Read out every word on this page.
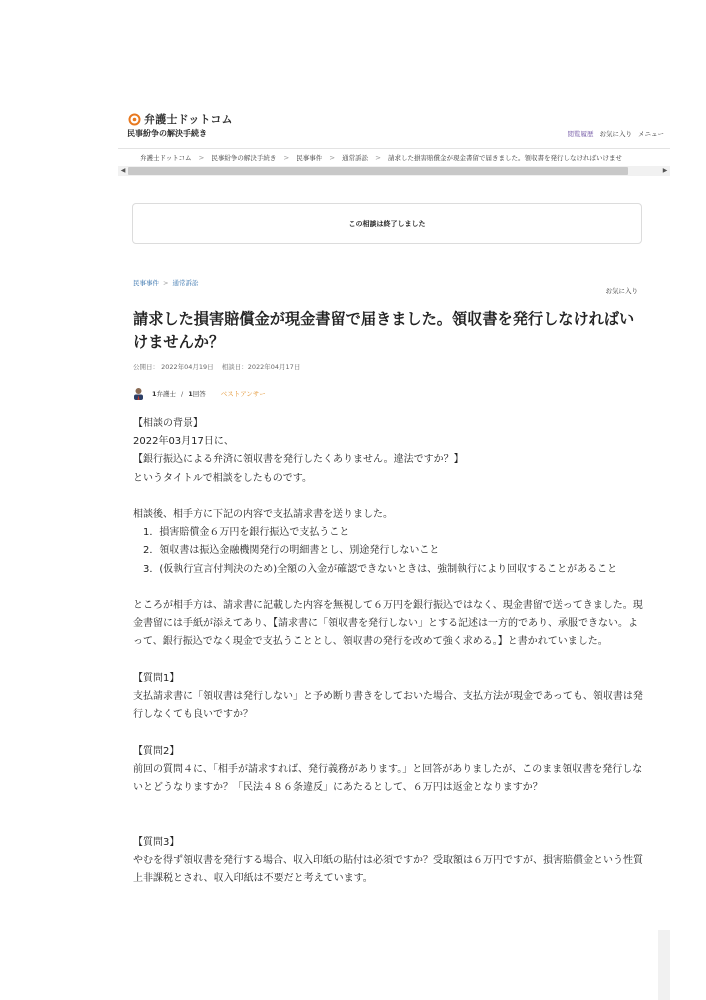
弁護士ドットコム
民事紛争の解決手続き	閲覧履歴 お気に入り メニュー
弁護士ドットコム > 民事紛争の解決手続き > 民事事件 > 通常訴訟 > 請求した損害賠償金が現金書留で届きました。領収書を発行しなければいけませ
◀	▶
この相談は終了しました
民事事件 > 通常訴訟
お気に入り
請求した損害賠償金が現金書留で届きました。領収書を発行しなければいけませんか？
公開日： 2022年04月19日 相談日：2022年04月17日
1 弁護士 / 1 回答 ベストアンサー

【相談の背景】

2022年03月17日に、

【銀行振込による弁済に領収書を発行したくありません。違法ですか？】

というタイトルで相談をしたものです。

相談後、相手方に下記の内容で支払請求書を送りました。

　1．損害賠償金６万円を銀行振込で支払うこと

　2．領収書は振込金融機関発行の明細書とし、別途発行しないこと

　3．(仮執行宣言付判決のため)全額の入金が確認できないときは、強制執行により回収することがあること

ところが相手方は、請求書に記載した内容を無視して６万円を銀行振込ではなく、現金書留で送ってきました。現金書留には手紙が添えてあり、【請求書に「領収書を発行しない」とする記述は一方的であり、承服できない。よって、銀行振込でなく現金で支払うこととし、領収書の発行を改めて強く求める。】と書かれていました。

【質問1】

支払請求書に「領収書は発行しない」と予め断り書きをしておいた場合、支払方法が現金であっても、領収書は発行しなくても良いですか？

【質問2】

前回の質問４に、「相手が請求すれば、発行義務があります。」と回答がありましたが、このまま領収書を発行しないとどうなりますか？「民法４８６条違反」にあたるとして、６万円は返金となりますか？

【質問3】

やむを得ず領収書を発行する場合、収入印紙の貼付は必須ですか？受取額は６万円ですが、損害賠償金という性質上非課税とされ、収入印紙は不要だと考えています。
